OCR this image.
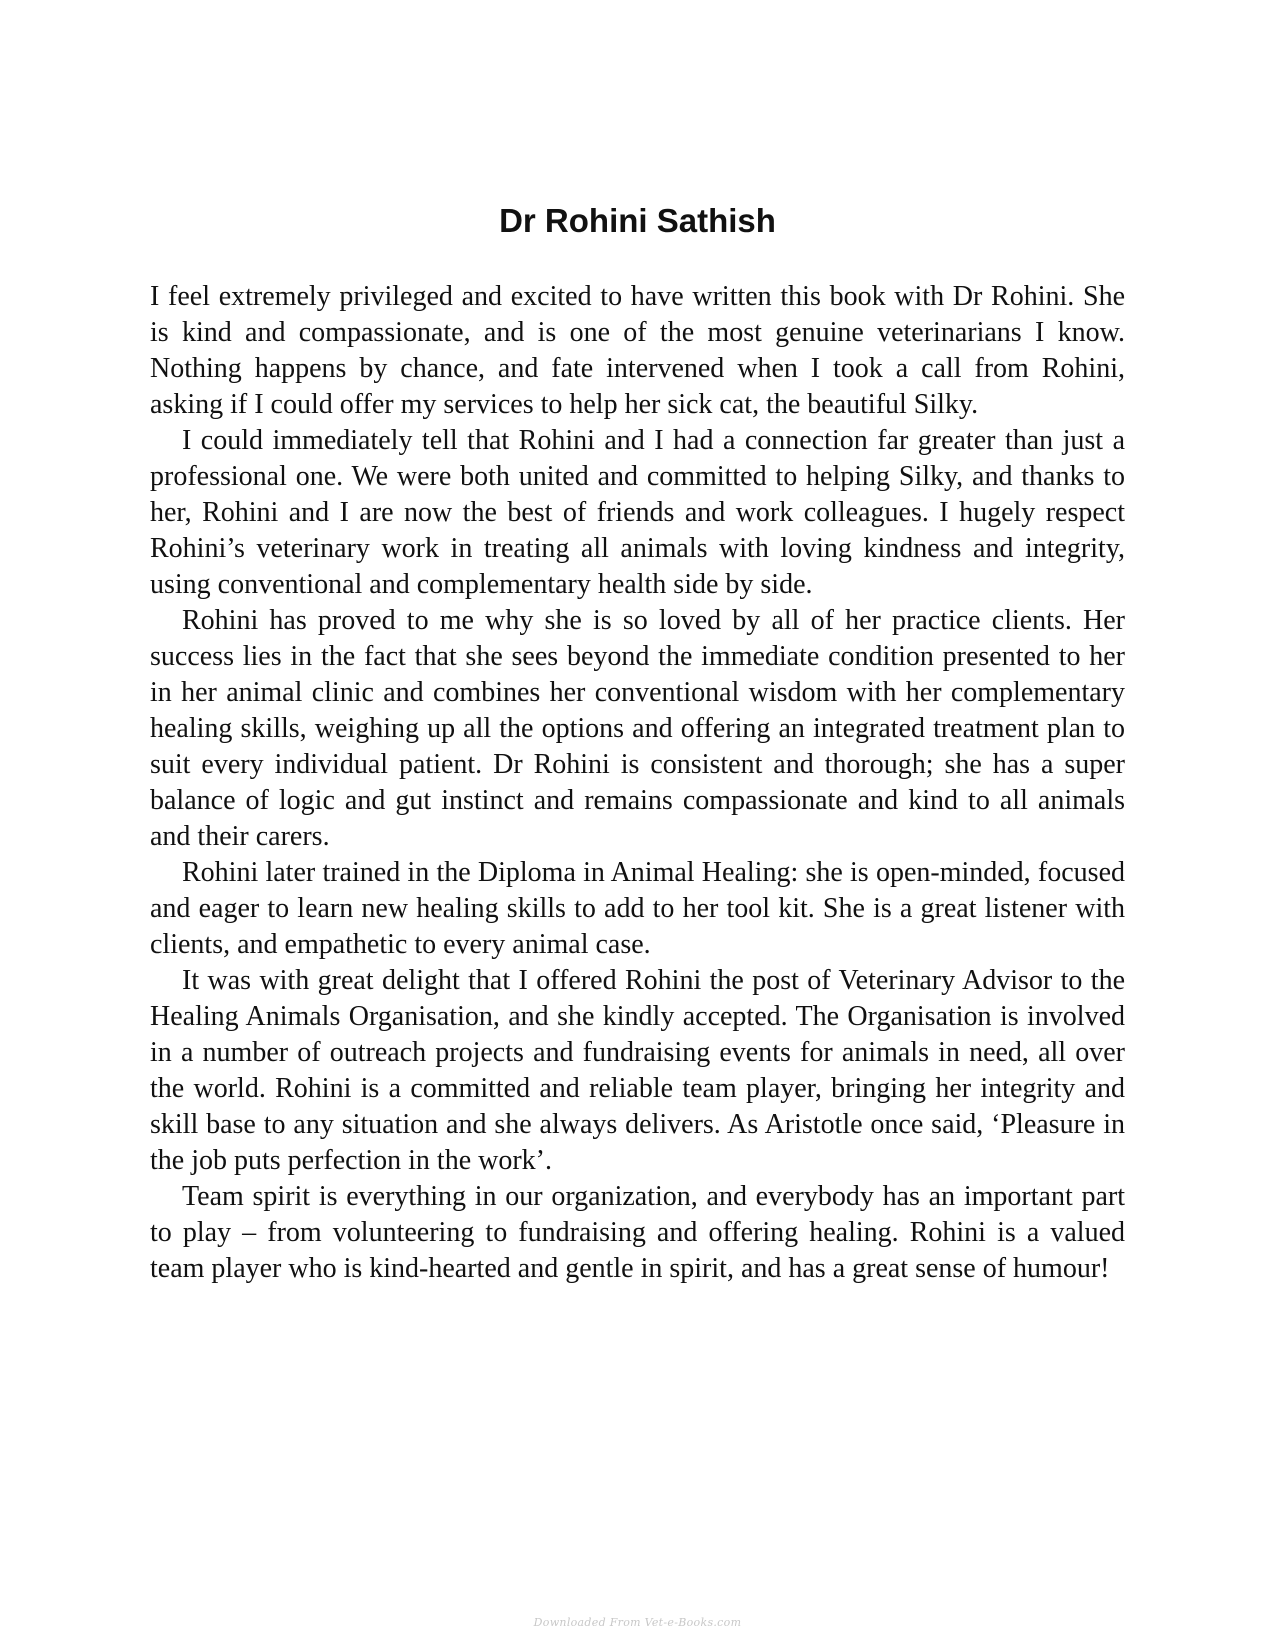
Dr Rohini Sathish

I feel extremely privileged and excited to have written this book with Dr Rohini. She is kind and compassionate, and is one of the most genuine veterinarians I know. Nothing happens by chance, and fate intervened when I took a call from Rohini, asking if I could offer my services to help her sick cat, the beautiful Silky.

I could immediately tell that Rohini and I had a connection far greater than just a professional one. We were both united and committed to helping Silky, and thanks to her, Rohini and I are now the best of friends and work colleagues. I hugely respect Rohini’s veterinary work in treating all animals with loving kindness and integrity, using conventional and complementary health side by side.

Rohini has proved to me why she is so loved by all of her practice clients. Her success lies in the fact that she sees beyond the immediate condition presented to her in her animal clinic and combines her conventional wisdom with her complementary healing skills, weighing up all the options and offering an integrated treatment plan to suit every individual patient. Dr Rohini is consistent and thorough; she has a super balance of logic and gut instinct and remains compassionate and kind to all animals and their carers.

Rohini later trained in the Diploma in Animal Healing: she is open-minded, focused and eager to learn new healing skills to add to her tool kit. She is a great listener with clients, and empathetic to every animal case.

It was with great delight that I offered Rohini the post of Veterinary Advisor to the Healing Animals Organisation, and she kindly accepted. The Organisation is involved in a number of outreach projects and fundraising events for animals in need, all over the world. Rohini is a committed and reliable team player, bringing her integrity and skill base to any situation and she always delivers. As Aristotle once said, ‘Pleasure in the job puts perfection in the work’.

Team spirit is everything in our organization, and everybody has an important part to play – from volunteering to fundraising and offering healing. Rohini is a valued team player who is kind-hearted and gentle in spirit, and has a great sense of humour!

Downloaded From Vet-e-Books.com
